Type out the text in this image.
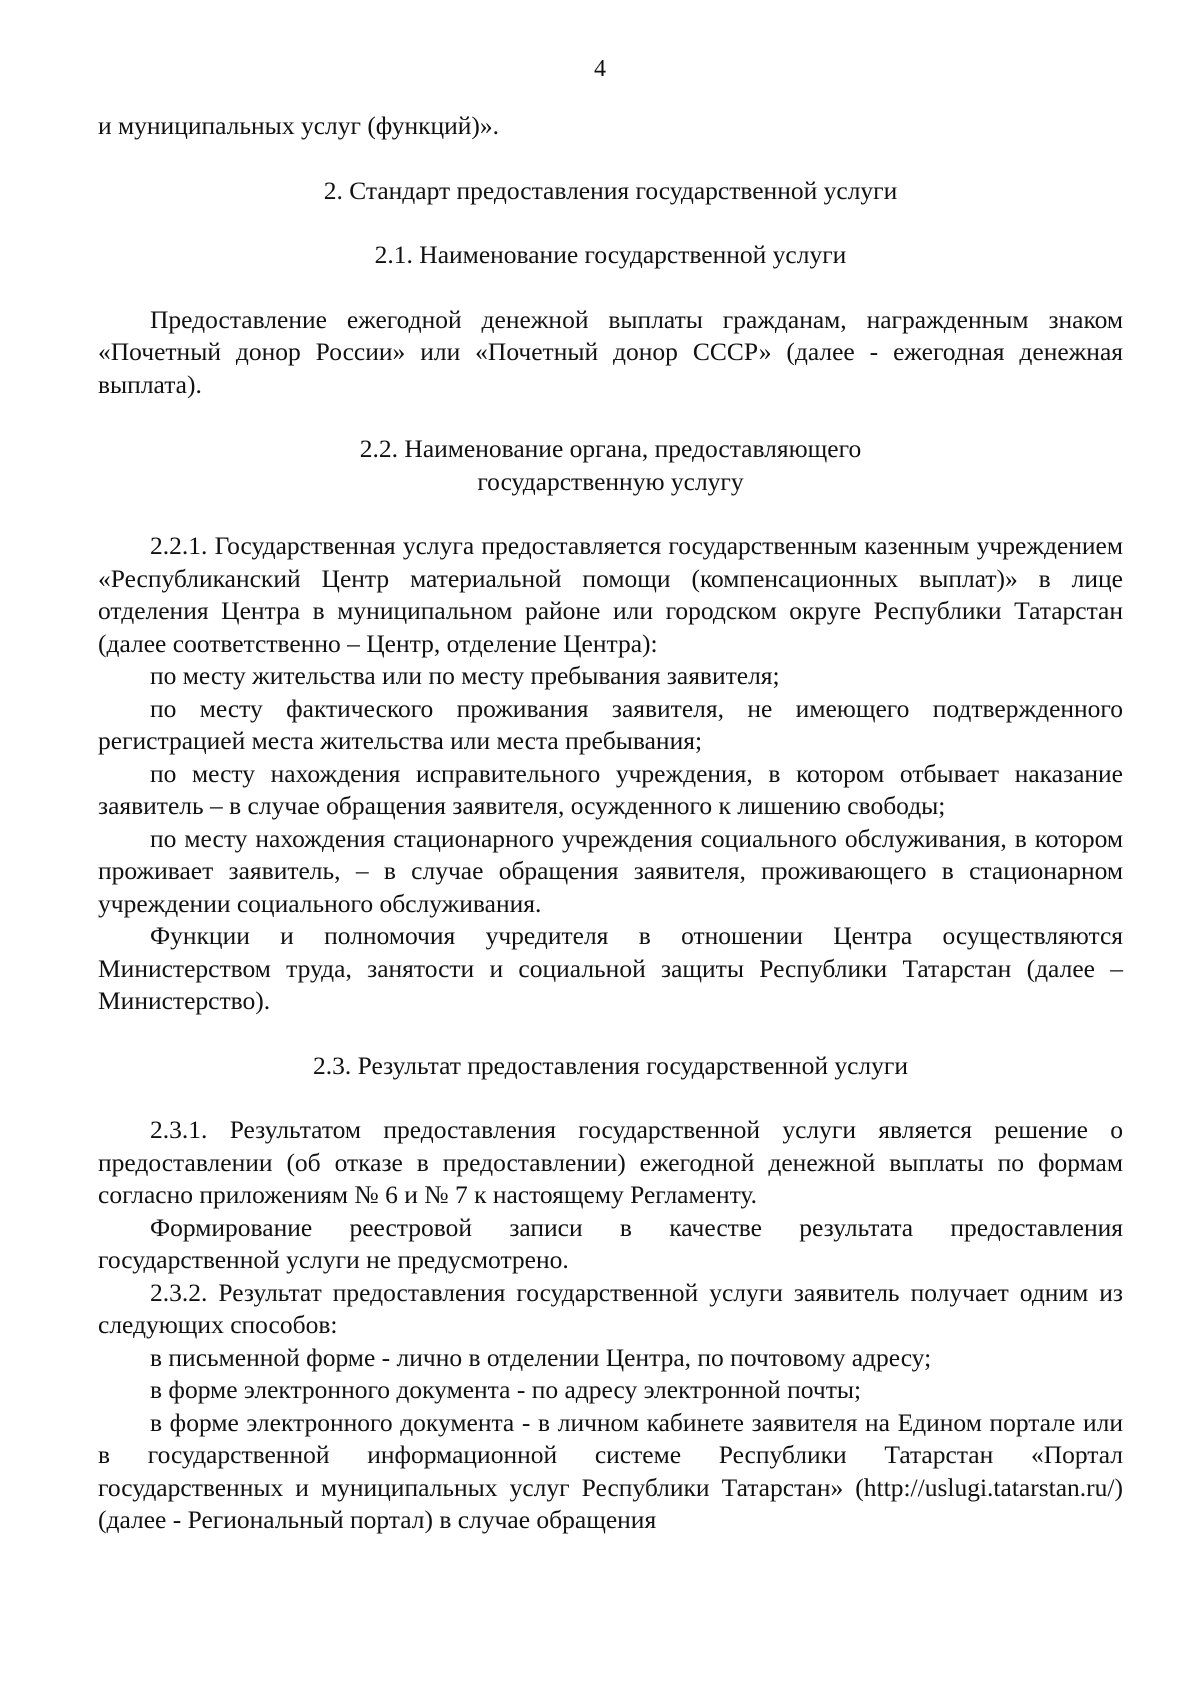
4

и муниципальных услуг (функций)».

2. Стандарт предоставления государственной услуги

2.1. Наименование государственной услуги

Предоставление ежегодной денежной выплаты гражданам, награжденным знаком «Почетный донор России» или «Почетный донор СССР» (далее - ежегодная денежная выплата).

2.2. Наименование органа, предоставляющего

государственную услугу

2.2.1. Государственная услуга предоставляется государственным казенным учреждением «Республиканский Центр материальной помощи (компенсационных выплат)» в лице отделения Центра в муниципальном районе или городском округе Республики Татарстан (далее соответственно – Центр, отделение Центра):

по месту жительства или по месту пребывания заявителя;

по месту фактического проживания заявителя, не имеющего подтвержденного регистрацией места жительства или места пребывания;

по месту нахождения исправительного учреждения, в котором отбывает наказание заявитель – в случае обращения заявителя, осужденного к лишению свободы;

по месту нахождения стационарного учреждения социального обслуживания, в котором проживает заявитель, – в случае обращения заявителя, проживающего в стационарном учреждении социального обслуживания.

Функции и полномочия учредителя в отношении Центра осуществляются Министерством труда, занятости и социальной защиты Республики Татарстан (далее – Министерство).

2.3. Результат предоставления государственной услуги

2.3.1. Результатом предоставления государственной услуги является решение о предоставлении (об отказе в предоставлении) ежегодной денежной выплаты по формам согласно приложениям № 6 и № 7 к настоящему Регламенту.

Формирование реестровой записи в качестве результата предоставления государственной услуги не предусмотрено.

2.3.2. Результат предоставления государственной услуги заявитель получает одним из следующих способов:

в письменной форме - лично в отделении Центра, по почтовому адресу;

в форме электронного документа - по адресу электронной почты;

в форме электронного документа - в личном кабинете заявителя на Едином портале или в государственной информационной системе Республики Татарстан «Портал государственных и муниципальных услуг Республики Татарстан» (http://uslugi.tatarstan.ru/) (далее - Региональный портал) в случае обращения
